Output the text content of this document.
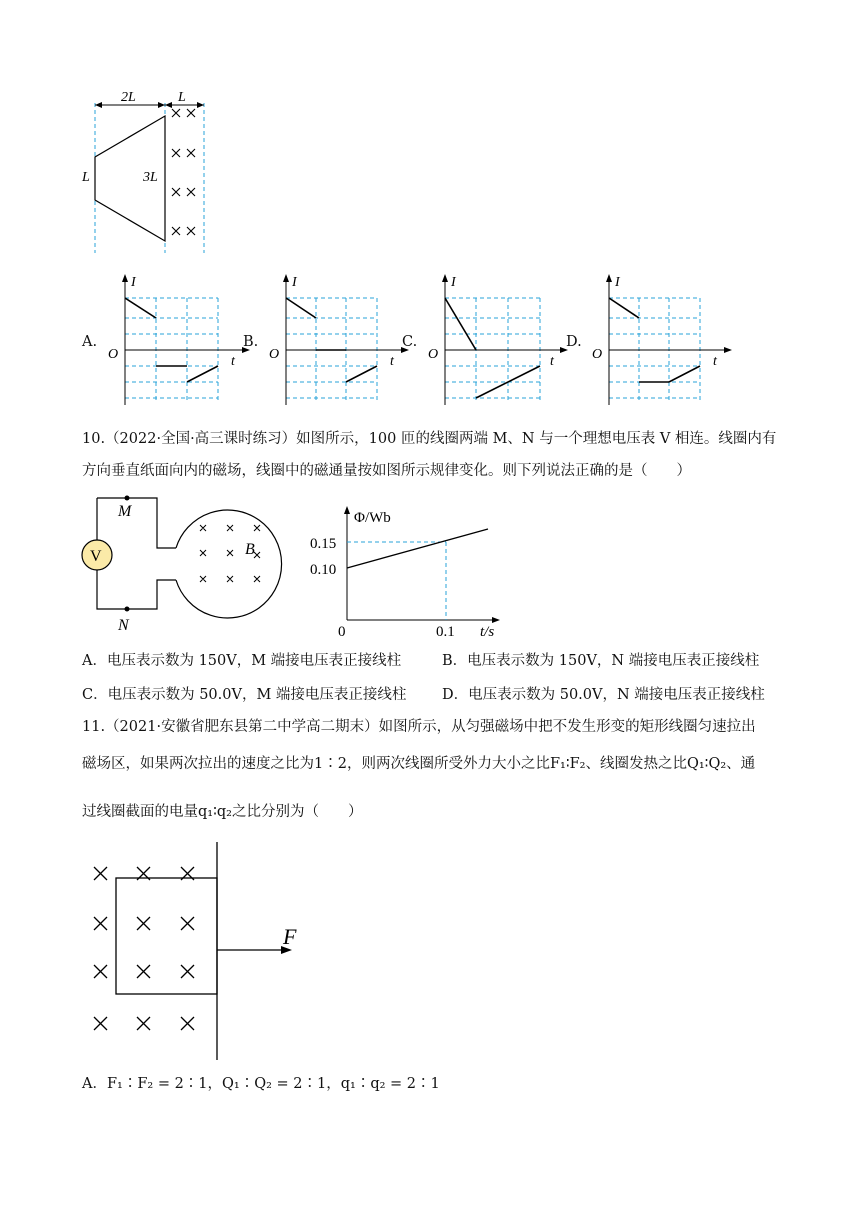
2L	L
L	3L
A.
I
t
O
B.
I
t
O
C.
I
t
O
D.
I
t
O
10.（2022·全国·高三课时练习）如图所示，100 匝的线圈两端 M、N 与一个理想电压表 V 相连。线圈内有
方向垂直纸面向内的磁场，线圈中的磁通量按如图所示规律变化。则下列说法正确的是（　　）
V
M
N
B
Φ/Wb
0.15
0.10
0	0.1 t/s
A．电压表示数为 150V，M 端接电压表正接线柱	B．电压表示数为 150V，N 端接电压表正接线柱
C．电压表示数为 50.0V，M 端接电压表正接线柱 D．电压表示数为 50.0V，N 端接电压表正接线柱
11.（2021·安徽省肥东县第二中学高二期末）如图所示，从匀强磁场中把不发生形变的矩形线圈匀速拉出
磁场区，如果两次拉出的速度之比为1∶2，则两次线圈所受外力大小之比F₁∶F₂、线圈发热之比Q₁∶Q₂、通
过线圈截面的电量q₁∶q₂之比分别为（　　）
F
A．F₁∶F₂ = 2∶1，Q₁∶Q₂ = 2∶1，q₁∶q₂ = 2∶1
